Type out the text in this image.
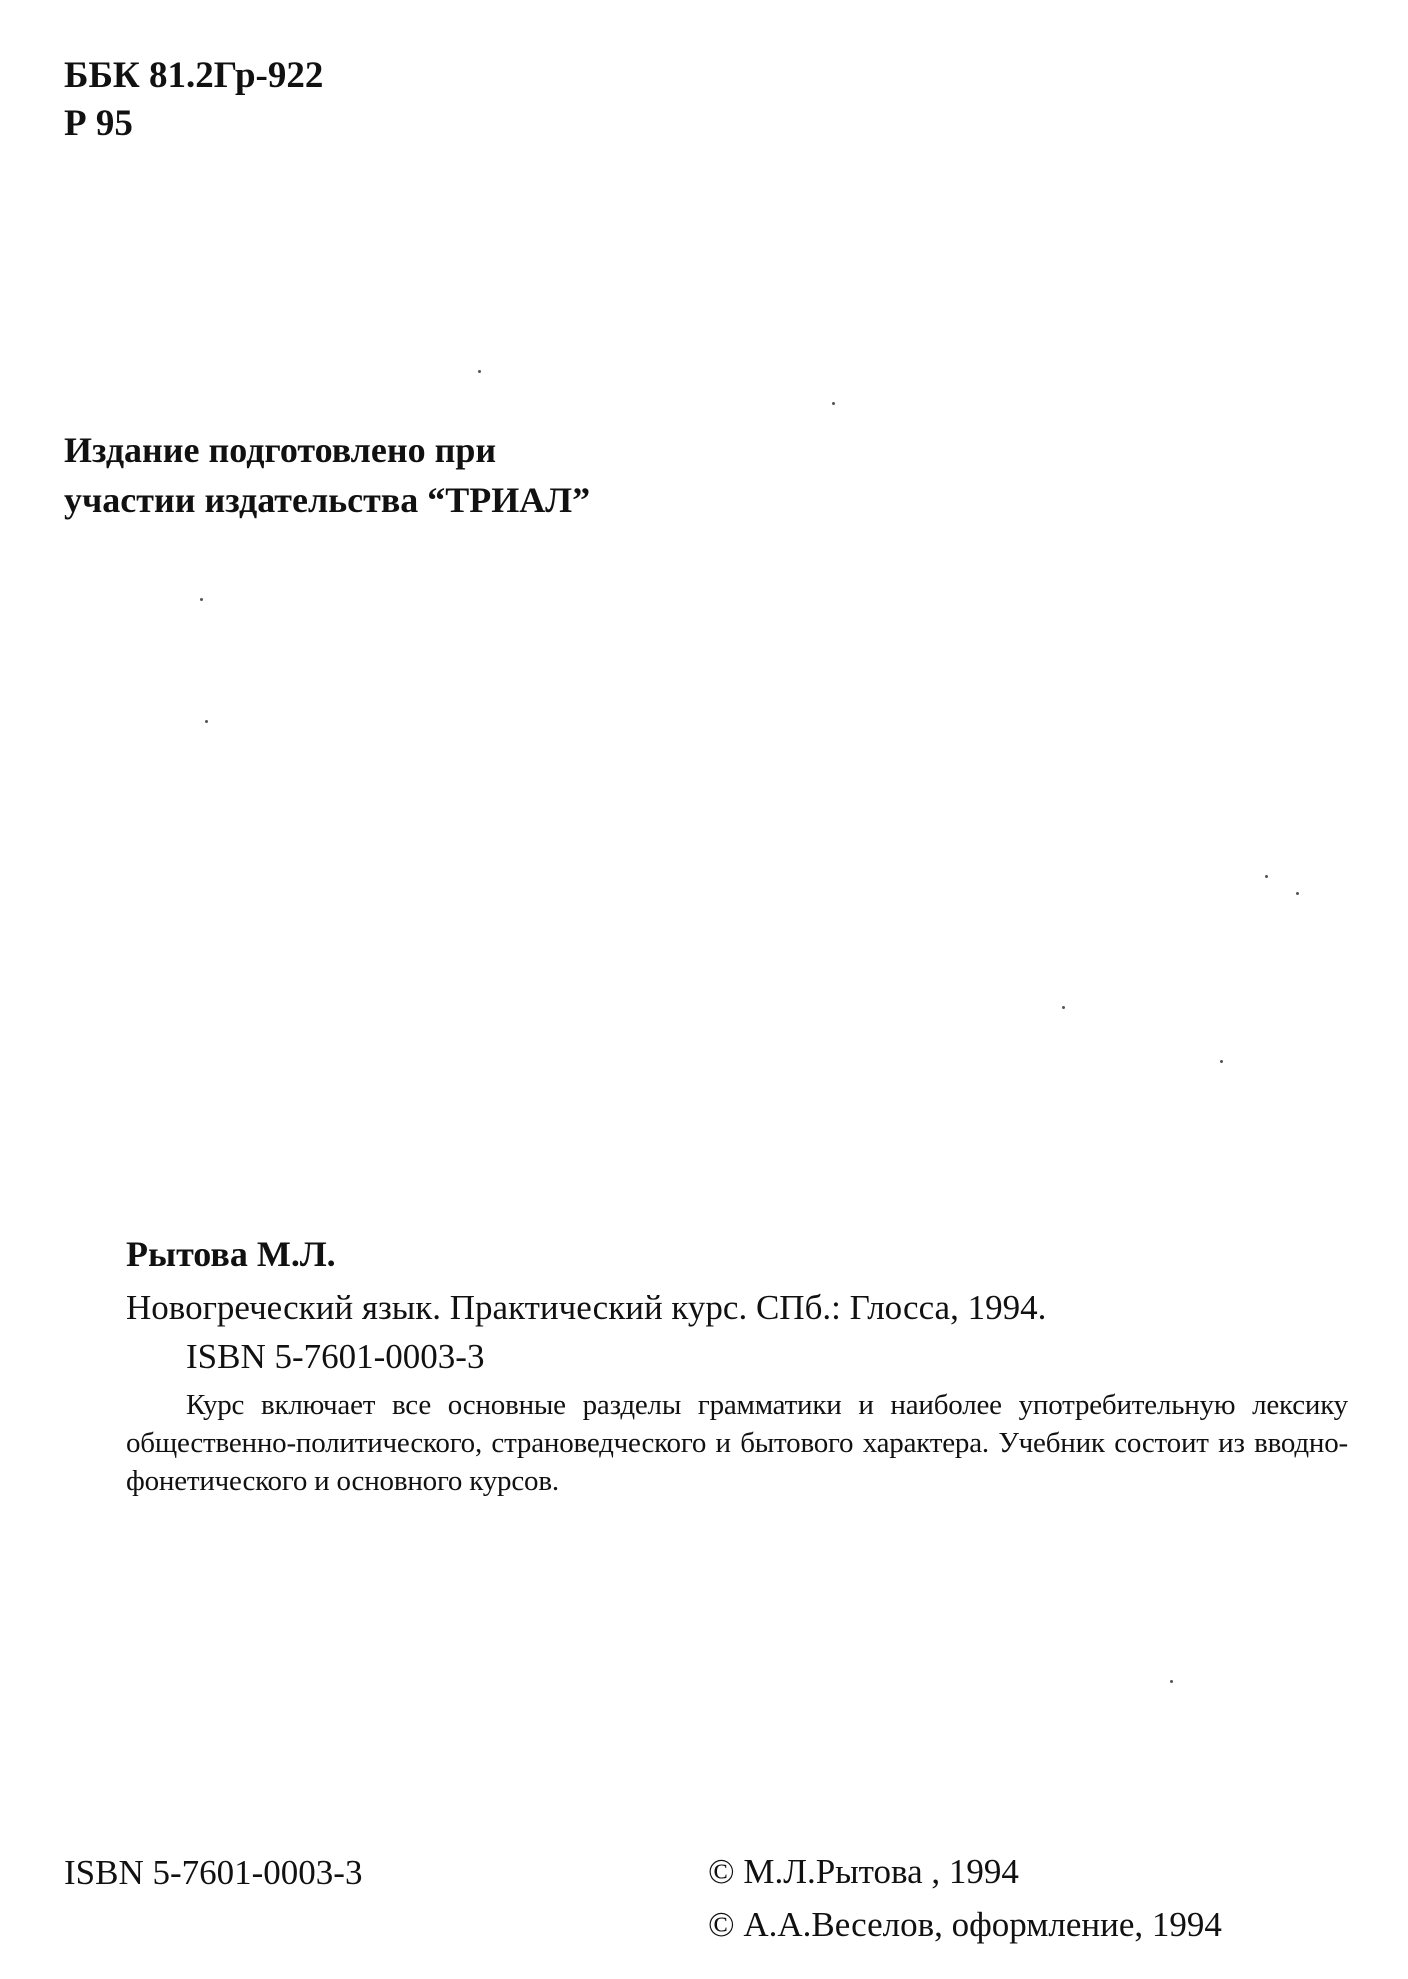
ББК 81.2Гр-922
Р 95
Издание подготовлено при
участии издательства “ТРИАЛ”
Рытова М.Л.
Новогреческий язык. Практический курс. СПб.: Глосса, 1994.
ISBN 5-7601-0003-3
Курс включает все основные разделы грамматики и наиболее употребительную лексику общественно-политического, страноведческого и бытового характера. Учебник состоит из вводно-фонетического и основного курсов.
ISBN 5-7601-0003-3	© М.Л.Рытова , 1994
© А.А.Веселов, оформление, 1994
